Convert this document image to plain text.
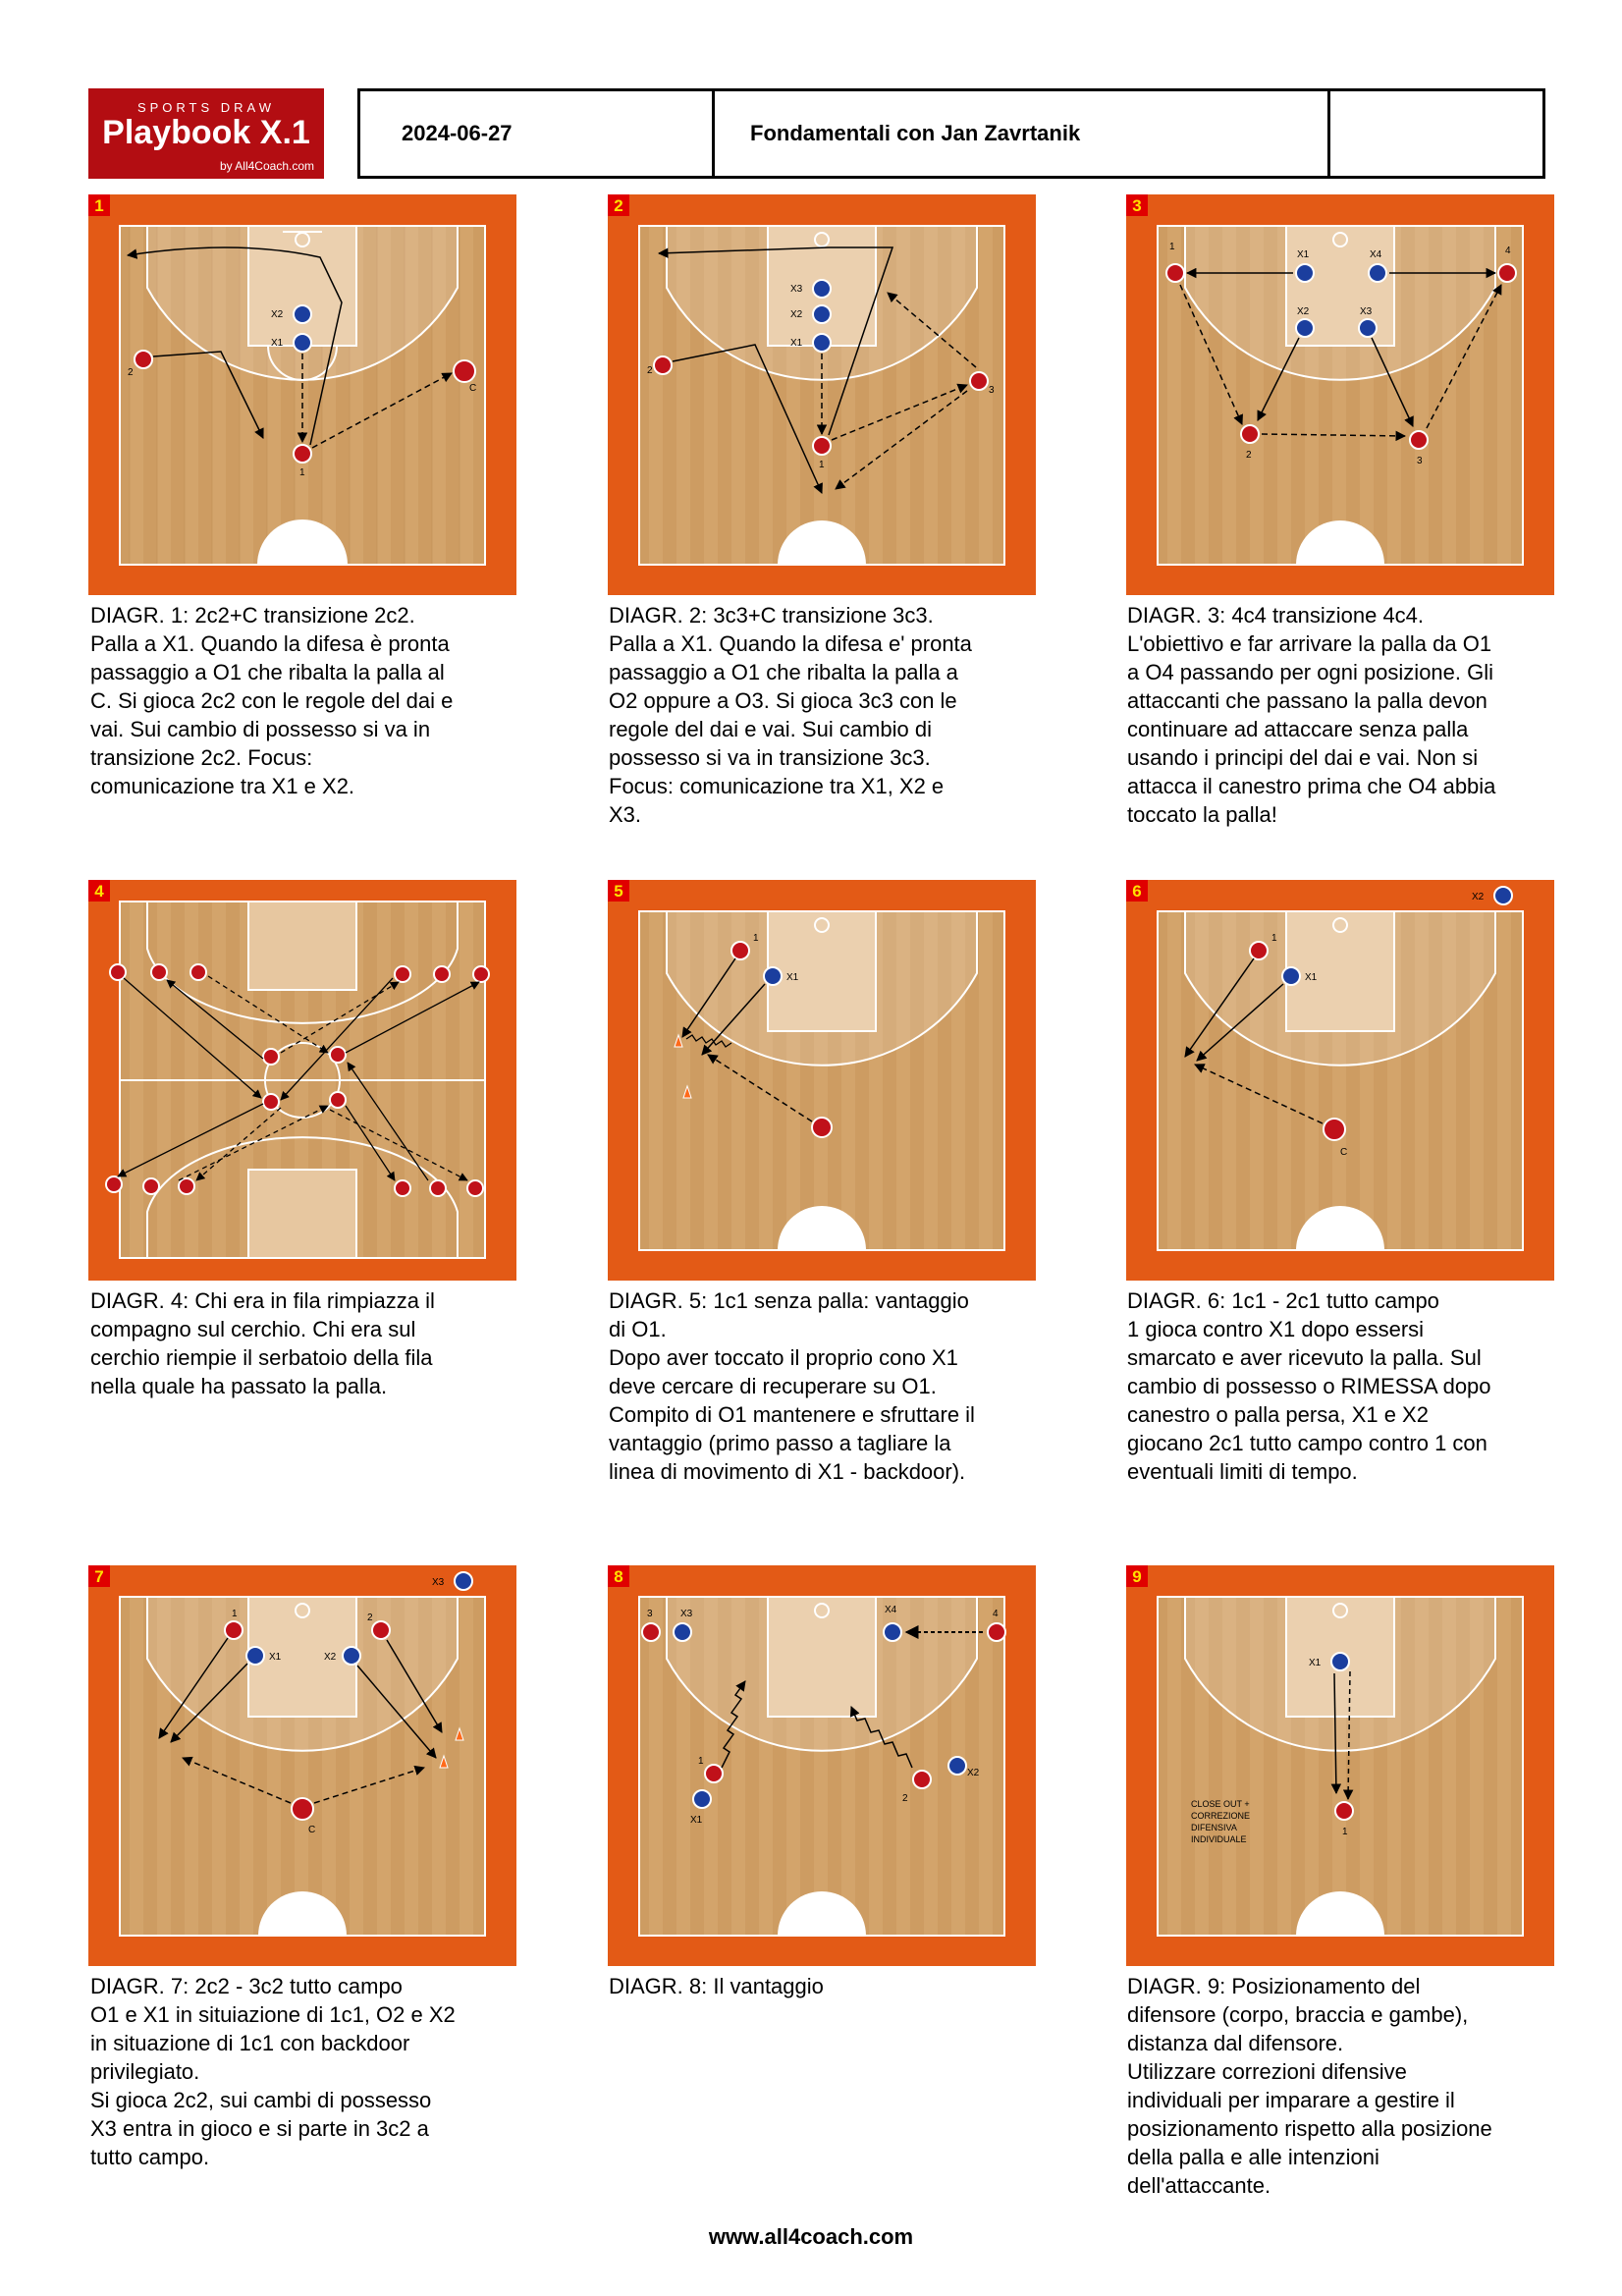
SPORTS DRAW
Playbook X.1
by All4Coach.com
2024-06-27	Fondamentali con Jan Zavrtanik
1
X2
X1
2
C
1
DIAGR. 1: 2c2+C transizione 2c2.
Palla a X1. Quando la difesa è pronta
passaggio a O1 che ribalta la palla al
C. Si gioca 2c2 con le regole del dai e
vai. Sui cambio di possesso si va in
transizione 2c2. Focus:
comunicazione tra X1 e X2.
2
X3
X2
X1
2
3
1
DIAGR. 2: 3c3+C transizione 3c3.
Palla a X1. Quando la difesa e' pronta
passaggio a O1 che ribalta la palla a
O2 oppure a O3. Si gioca 3c3 con le
regole del dai e vai. Sui cambio di
possesso si va in transizione 3c3.
Focus: comunicazione tra X1, X2 e
X3.
3
1
X1	X4	4
X2	X3
2
3
DIAGR. 3: 4c4 transizione 4c4.
L'obiettivo e far arrivare la palla da O1
a O4 passando per ogni posizione. Gli
attaccanti che passano la palla devon
continuare ad attaccare senza palla
usando i principi del dai e vai. Non si
attacca il canestro prima che O4 abbia
toccato la palla!
4
DIAGR. 4: Chi era in fila rimpiazza il
compagno sul cerchio. Chi era sul
cerchio riempie il serbatoio della fila
nella quale ha passato la palla.
5
1
X1
DIAGR. 5: 1c1 senza palla: vantaggio
di O1.
Dopo aver toccato il proprio cono X1
deve cercare di recuperare su O1.
Compito di O1 mantenere e sfruttare il
vantaggio (primo passo a tagliare la
linea di movimento di X1 - backdoor).
6	X2
1
X1
C
DIAGR. 6: 1c1 - 2c1 tutto campo
1 gioca contro X1 dopo essersi
smarcato e aver ricevuto la palla. Sul
cambio di possesso o RIMESSA dopo
canestro o palla persa, X1 e X2
giocano 2c1 tutto campo contro 1 con
eventuali limiti di tempo.
7	X3
1
X1
2
X2
C
DIAGR. 7: 2c2 - 3c2 tutto campo
O1 e X1 in situiazione di 1c1, O2 e X2
in situazione di 1c1 con backdoor
privilegiato.
Si gioca 2c2, sui cambi di possesso
X3 entra in gioco e si parte in 3c2 a
tutto campo.
8
3	X3	X4	4
1
X1
2
X2
DIAGR. 8: Il vantaggio
9
X1
1
CLOSE OUT +
CORREZIONE
DIFENSIVA
INDIVIDUALE
DIAGR. 9: Posizionamento del
difensore (corpo, braccia e gambe),
distanza dal difensore.
Utilizzare correzioni difensive
individuali per imparare a gestire il
posizionamento rispetto alla posizione
della palla e alle intenzioni
dell'attaccante.
www.all4coach.com
